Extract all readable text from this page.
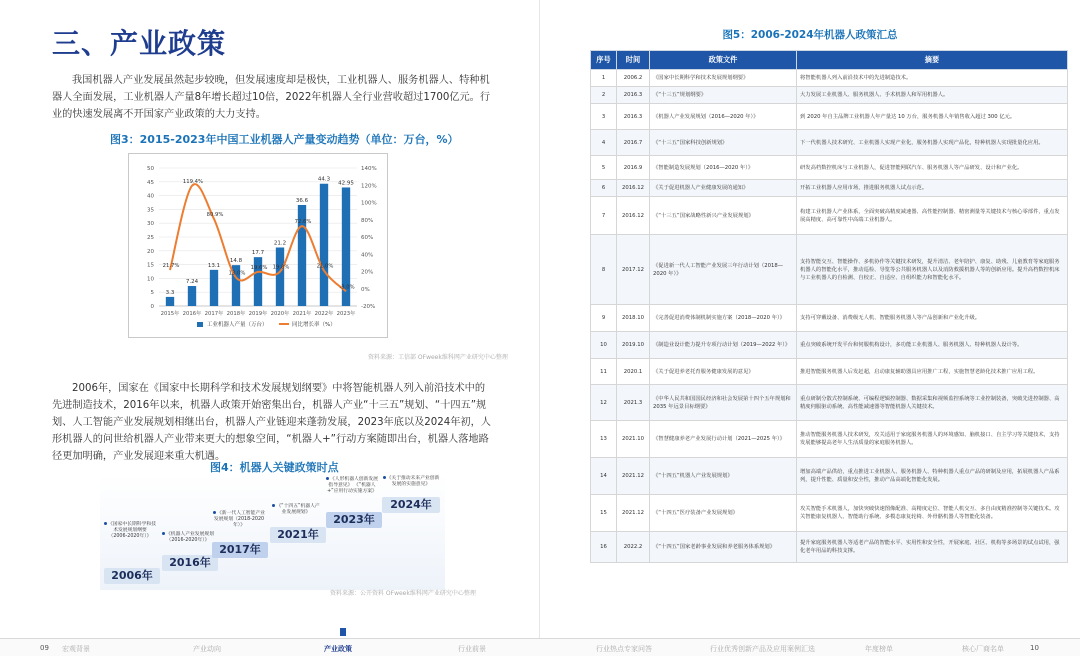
三、产业政策

我国机器人产业发展虽然起步较晚，但发展速度却是极快，工业机器人、服务机器人、特种机器人全面发展，工业机器人产量8年增长超过10倍，2022年机器人全行业营收超过1700亿元。行业的快速发展离不开国家产业政策的大力支持。

图3：2015-2023年中国工业机器人产量变动趋势（单位：万台，%）
0
5
10
15
20
25
30
35
40
45
50
-20%
0%
20%
40%
60%
80%
100%
120%
140%
3.3
2015年
7.24
2016年
13.1
2017年
14.8
2018年
17.7
2019年
21.2
2020年
36.6
2021年
44.3
2022年
42.95
2023年
21.7%
119.4%
80.9%
13.0%
19.6% 19.8%
72.6%
21.0%
-3.0%
工业机器人产量（万台）	同比增长率（%）
资料来源：工信部 OFweek维科网产业研究中心整理

2006年，国家在《国家中长期科学和技术发展规划纲要》中将智能机器人列入前沿技术中的先进制造技术，2016年以来，机器人政策开始密集出台，机器人产业“十三五”规划、“十四五”规划、人工智能产业发展规划相继出台，机器人产业链迎来蓬勃发展，2023年底以及2024年初，人形机器人的问世给机器人产业带来更大的想象空间，“机器人+”行动方案随即出台，机器人落地路径更加明确，产业发展迎来重大机遇。

图4：机器人关键政策时点
《国家中长期科学和技术发展规划纲要（2006-2020年）》
2006年
《机器人产业发展规划（2016-2020年）》
2016年
《新一代人工智能产业发展规划（2018-2020年）》
2017年
《“十四五”机器人产业发展规划》
2021年
《人形机器人创新发展指导意见》 《“机器人+”应用行动实施方案》
2023年
《关于推动未来产业创新发展的实施意见》
2024年
资料来源：公开资料 OFweek维科网产业研究中心整理
图5：2006-2024年机器人政策汇总
序号	时间	政策文件	摘要
1	2006.2	《国家中长期科学和技术发展规划纲要》	将智能机器人列入前沿技术中的先进制造技术。
2	2016.3	《“十三五”规划纲要》	大力发展工业机器人、服务机器人、手术机器人和军用机器人。
3	2016.3	《机器人产业发展规划（2016—2020 年）》	到 2020 年自主品牌工业机器人年产量达 10 万台，服务机器人年销售收入超过 300 亿元。
4	2016.7	《“十三五”国家科技创新规划》	下一代机器人技术研究、工业机器人实现产业化，服务机器人实现产品化，特种机器人实现批量化应用。
5	2016.9	《智能制造发展规划（2016—2020 年）》	研发高档数控机床与工业机器人，促进智能网联汽车、服务机器人等产品研发、设计和产业化。
6	2016.12	《关于促进机器人产业健康发展的通知》	开拓工业机器人应用市场，推进服务机器人试点示范。
7	2016.12	《“十三五”国家战略性新兴产业发展规划》	构建工业机器人产业体系，全面突破高精度减速器、高性能控制器、精密测量等关键技术与核心零部件，重点发展高精度、高可靠性中高端工业机器人。
8	2017.12	《促进新一代人工智能产业发展三年行动计划（2018—2020 年）》	支持智能交互、智能操作、多机协作等关键技术研发，提升清洁、老年陪护、康复、助残、儿童教育等家庭服务机器人的智能化水平，推动巡检、导览等公共服务机器人以及消防救援机器人等的创新应用。提升高档数控机床与工业机器人的自检测、自校正、自适应、自组织能力和智能化水平。
9	2018.10	《完善促进消费体制机制实施方案（2018—2020 年）》	支持可穿戴设备、消费级无人机、智能服务机器人等产品创新和产业化升级。
10	2019.10	《制造业设计能力提升专项行动计划（2019—2022 年）》	重点突破系统开发平台和伺服机构设计，多功能工业机器人、服务机器人、特种机器人设计等。
11	2020.1	《关于促进养老托育服务健康发展的意见》	推进智能服务机器人后发赶超，启动康复辅助器具应用推广工程，实施智慧老龄化技术推广应用工程。
12	2021.3	《中华人民共和国国民经济和社会发展第十四个五年规划和 2035 年远景目标纲要》	重点研制分散式控制系统、可编程逻辑控制器、数据采集和视频监控系统等工业控制装备，突破先进控制器、高精度伺服驱动系统、高性能减速器等智能机器人关键技术。
13	2021.10	《智慧健康养老产业发展行动计划（2021—2025 年）》	推动智能服务机器人技术研发，攻关适用于家庭服务机器人的环境感知、脑机接口、自主学习等关键技术，支持发展能够提高老年人生活质量的家庭服务机器人。
14	2021.12	《“十四五”机器人产业发展规划》	增加高端产品供给，重点推进工业机器人、服务机器人、特种机器人重点产品的研制及应用，拓展机器人产品系列，提升性能、质量和安全性，推动产品高端化智能化发展。
15	2021.12	《“十四五”医疗装备产业发展规划》	攻关智能手术机器人，加快突破快速图像配准、高精度定位、智能人机交互、多自由度精准控制等关键技术。攻关智能康复机器人、智能助行系统、多模态康复轮椅、外骨骼机器人等智能化装备。
16	2022.2	《“十四五”国家老龄事业发展和养老服务体系规划》	提升家庭服务机器人等适老产品的智能水平、实用性和安全性，开展家庭、社区、机构等多场景的试点试用，强化老年用品的科技支撑。
09 宏观背景	产业动向	产业政策	行业前景	行业热点专家问答	行业优秀创新产品及应用案例汇选	年度榜单	核心厂商名单	10
